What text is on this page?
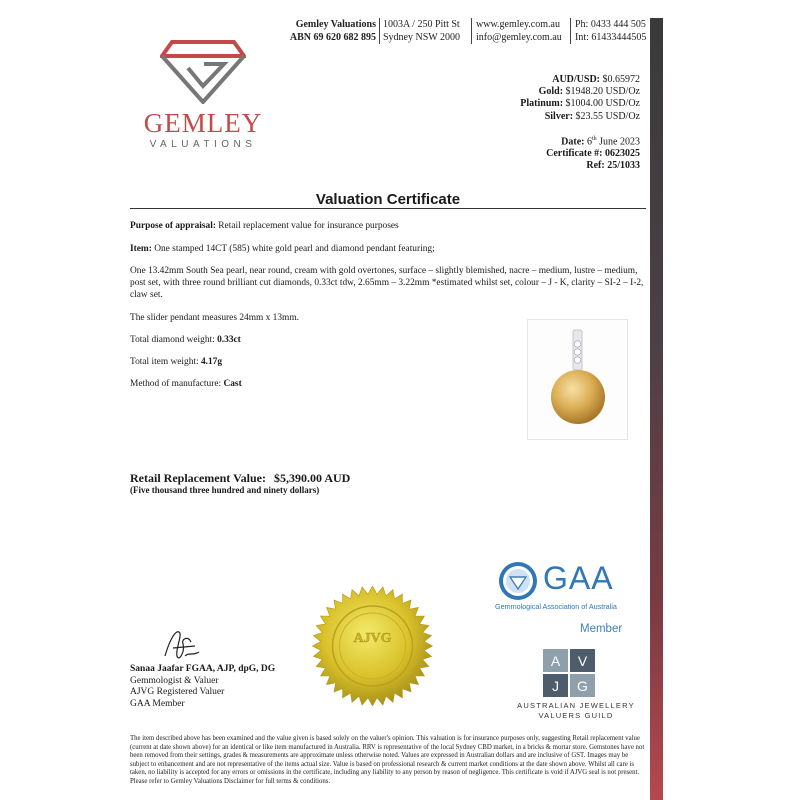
GEMLEY
VALUATIONS
Gemley Valuations
ABN 69 620 682 895
1003A / 250 Pitt St
Sydney NSW 2000
www.gemley.com.au
info@gemley.com.au
Ph: 0433 444 505
Int: 61433444505
AUD/USD: $0.65972
Gold: $1948.20 USD/Oz
Platinum: $1004.00 USD/Oz
Silver: $23.55 USD/Oz
Date: 6th June 2023
Certificate #: 0623025
Ref: 25/1033
Valuation Certificate
Purpose of appraisal: Retail replacement value for insurance purposes
Item: One stamped 14CT (585) white gold pearl and diamond pendant featuring;
One 13.42mm South Sea pearl, near round, cream with gold overtones, surface – slightly blemished, nacre – medium, lustre – medium, post set, with three round brilliant cut diamonds, 0.33ct tdw, 2.65mm – 3.22mm *estimated whilst set, colour – J - K, clarity – SI-2 – I-2, claw set.
The slider pendant measures 24mm x 13mm.
Total diamond weight: 0.33ct
Total item weight: 4.17g
Method of manufacture: Cast
Retail Replacement Value: $5,390.00 AUD
(Five thousand three hundred and ninety dollars)
GAA
Gemmological Association of Australia
Member
A V
J G
AUSTRALIAN JEWELLERY
VALUERS GUILD
AJVG
Sanaa Jaafar FGAA, AJP, dpG, DG
Gemmologist & Valuer
AJVG Registered Valuer
GAA Member
The item described above has been examined and the value given is based solely on the valuer's opinion. This valuation is for insurance purposes only, suggesting Retail replacement value (current at date shown above) for an identical or like item manufactured in Australia. RRV is representative of the local Sydney CBD market, in a bricks & mortar store. Gemstones have not been removed from their settings, grades & measurements are approximate unless otherwise noted. Values are expressed in Australian dollars and are inclusive of GST. Images may be subject to enhancement and are not representative of the items actual size. Value is based on professional research & current market conditions at the date shown above. Whilst all care is taken, no liability is accepted for any errors or omissions in the certificate, including any liability to any person by reason of negligence. This certificate is void if AJVG seal is not present. Please refer to Gemley Valuations Disclaimer for full terms & conditions.
